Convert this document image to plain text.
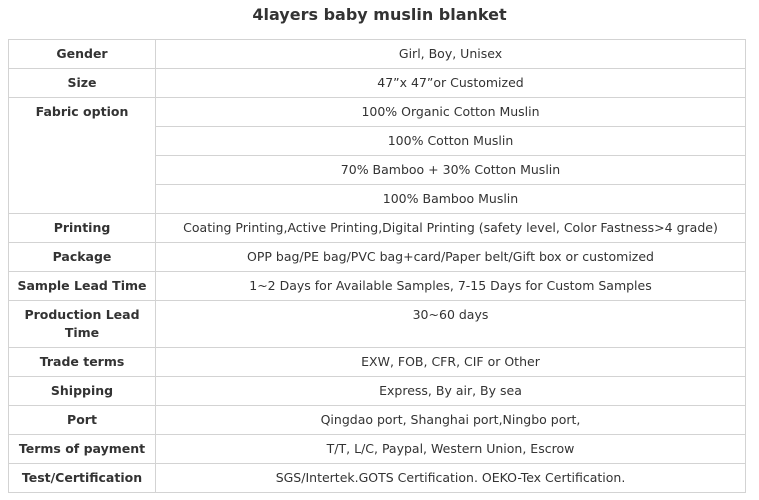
4layers baby muslin blanket
Gender	Girl, Boy, Unisex
Size	47”x 47”or Customized
Fabric option	100% Organic Cotton Muslin
	100% Cotton Muslin
	70% Bamboo + 30% Cotton Muslin
	100% Bamboo Muslin
Printing	Coating Printing,Active Printing,Digital Printing (safety level, Color Fastness>4 grade)
Package	OPP bag/PE bag/PVC bag+card/Paper belt/Gift box or customized
Sample Lead Time	1~2 Days for Available Samples, 7-15 Days for Custom Samples
Production Lead Time	30~60 days
Trade terms	EXW, FOB, CFR, CIF or Other
Shipping	Express, By air, By sea
Port	Qingdao port, Shanghai port,Ningbo port,
Terms of payment	T/T, L/C, Paypal, Western Union, Escrow
Test/Certification	SGS/Intertek.GOTS Certification. OEKO-Tex Certification.
